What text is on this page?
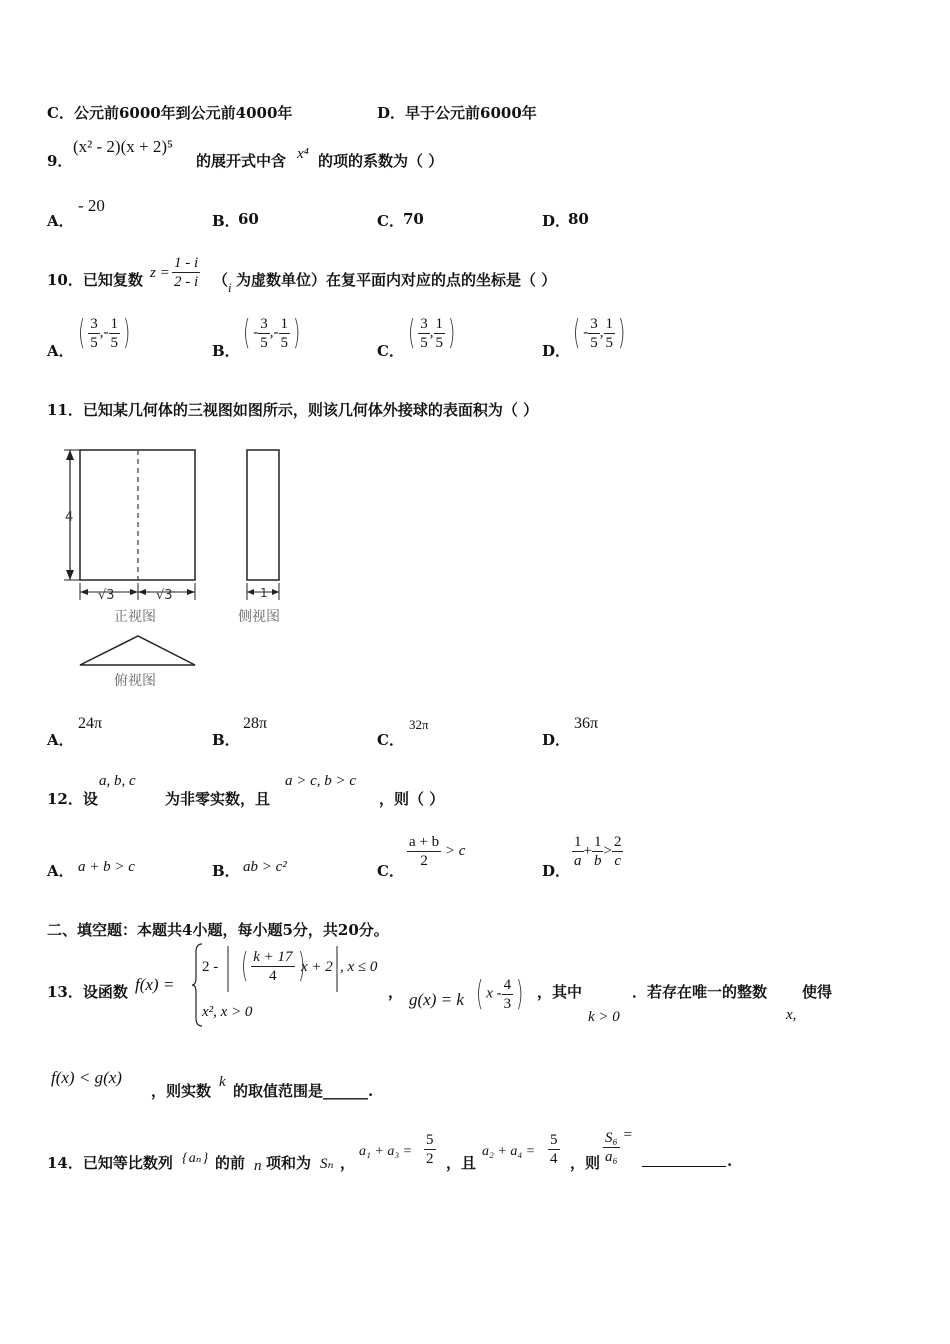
C．公元前6000年到公元前4000年	D．早于公元前6000年
9．
(x² - 2)(x + 2)⁵
的展开式中含 x⁴ 的项的系数为（ ）
A．
- 20
B．
60	C． 70	D．
80
10．已知复数 $z = \frac{1 - i}{2 - i}$ （ i 为虚数单位）在复平面内对应的点的坐标是（ ）
A． ( $\frac{3}{5}$ ,- $\frac{1}{5}$ )	B． ( - $\frac{3}{5}$ ,- $\frac{1}{5}$ )	C． ( $\frac{3}{5}$ , $\frac{1}{5}$ )	D． ( - $\frac{3}{5}$ , $\frac{1}{5}$ )
11．已知某几何体的三视图如图所示，则该几何体外接球的表面积为（ ）
4
√3	√3
正视图
1
侧视图
俯视图
A．
24π
B．
28π
C．
32π
D．
36π
12．设
a, b, c
为非零实数，且
a > c, b > c
，则（ ）
A． a + b > c	B． ab > c²	C．
$\frac{a + b}{2} > c$
D．
$\frac{1}{a} + \frac{1}{b} > \frac{2}{c}$
二、填空题：本题共4小题，每小题5分，共20分。
13．设函数 f(x) =
2 - ( $\frac{k + 17}{4}$ )
x + 2 , x ≤ 0
x², x > 0
， g(x) = k ( x - $\frac{4}{3}$ ) ，其中
k > 0
．若存在唯一的整数
x,
使得
f(x) < g(x)
，则实数 k 的取值范围是______.
14．已知等比数列 { aₙ } 的前 n 项和为 Sₙ ，
$a_1 + a_3 = \frac{5}{2}$ ，且
$a_2 + a_4 = \frac{5}{4}$ ，则 $\frac{\text{S₆}}{\text{a₆}}$ =
.
